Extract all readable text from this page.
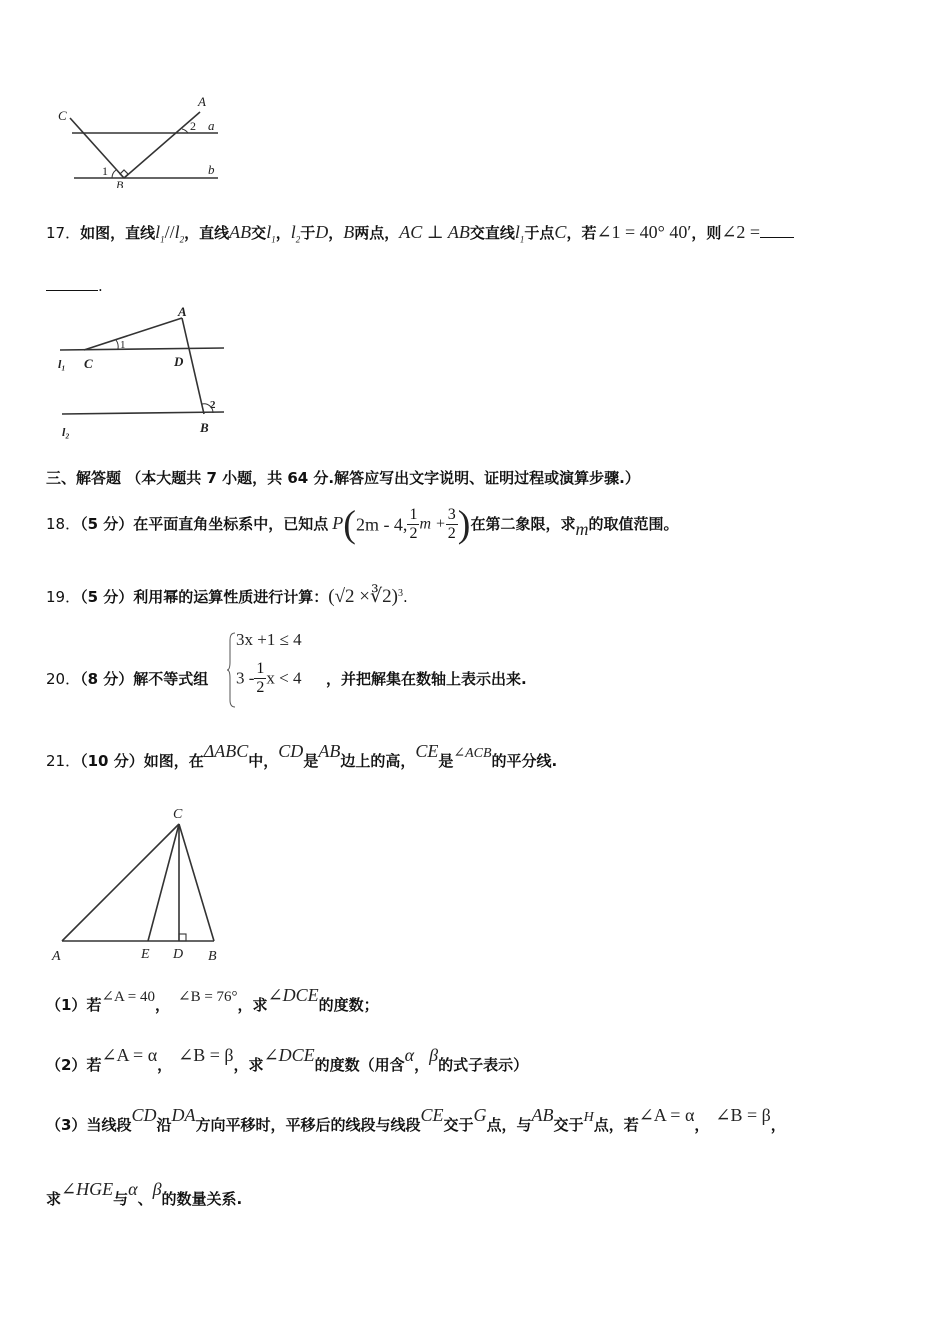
C
A
a
b
B
1
2
17．如图，直线$l_1//l_2$，直线AB交$l_1$，$l_2$于D，B两点，AC ⊥ AB交直线$l_1$于点C，若∠1 = 40° 40′，则∠2 =
.
A
C	D
B
l₁
l₂
1
2
三、解答题 （本大题共 7 小题，共 64 分.解答应写出文字说明、证明过程或演算步骤.）
18．（5 分）在平面直角坐标系中，已知点 P(2m - 4, $\frac{1}{2}$ $m + \frac{3}{2}$ )在第二象限，求m的取值范围。
19．（5 分）利用幂的运算性质进行计算：(√2 ×∛2)$^3$.
20．（8 分）解不等式组
3x +1 ≤ 4
$3 - \frac{1}{2}$ x < 4 ，并把解集在数轴上表示出来.
21．（10 分）如图，在ΔABC中，CD是AB边上的高，CE是∠ACB的平分线.
C
A	E D B
（1）若∠A = 40， ∠B = 76°，求∠DCE的度数；
（2）若∠A = α， ∠B = β，求∠DCE的度数（用含α，β的式子表示）
（3）当线段CD沿DA方向平移时，平移后的线段与线段CE交于G点，与AB交于H点，若∠A = α， ∠B = β，
求∠HGE与α、β的数量关系.
